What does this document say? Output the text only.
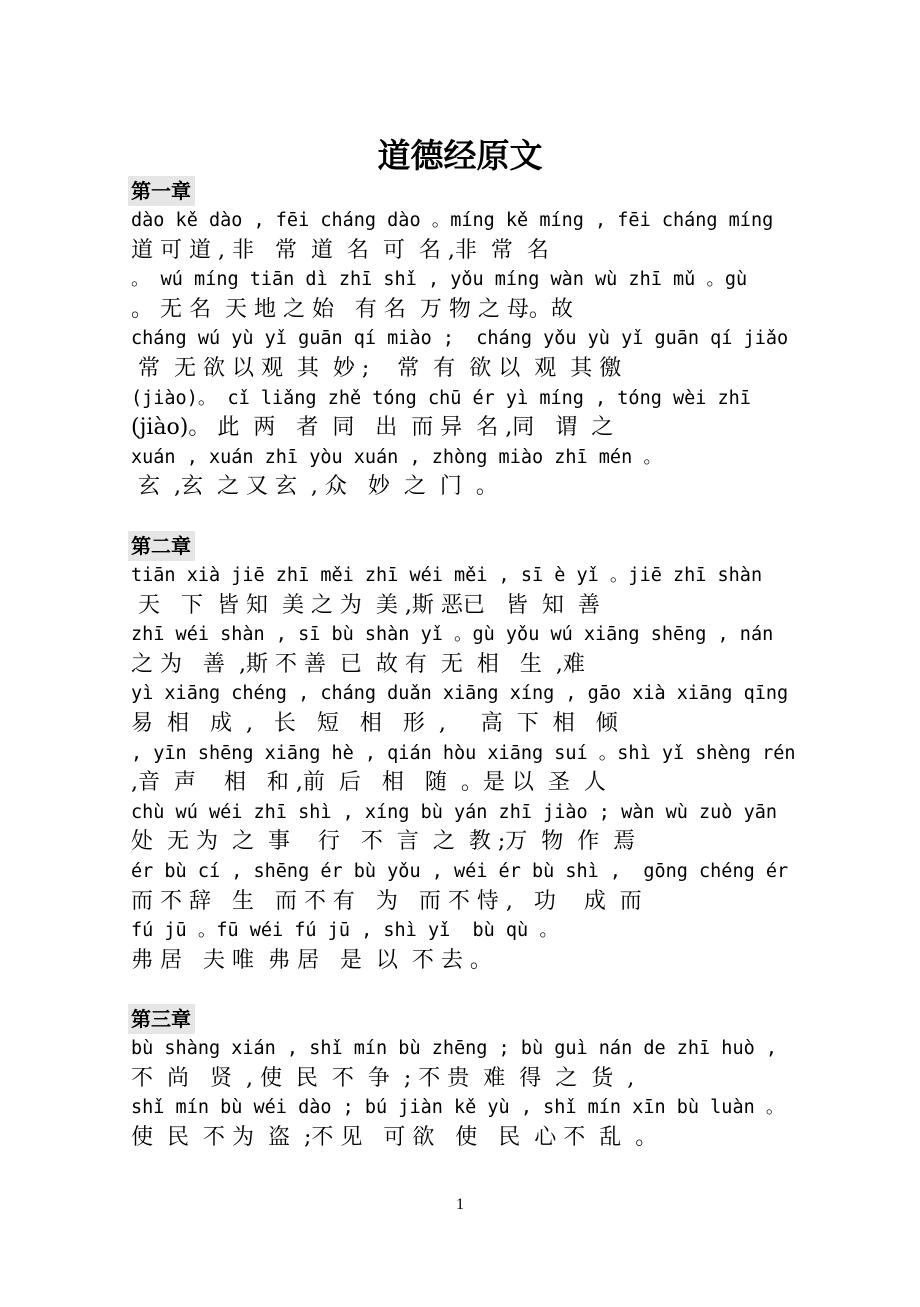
道德经原文
第一章
dào kě dào , fēi cháng dào 。míng kě míng , fēi cháng míng
道 可 道 , 非   常  道  名  可  名 ,非  常  名
。 wú míng tiān dì zhī shǐ , yǒu míng wàn wù zhī mǔ 。gù
。 无 名  天 地 之 始   有 名  万 物 之 母。故
cháng wú yù yǐ guān qí miào ;  cháng yǒu yù yǐ guān qí jiǎo
常  无 欲 以 观  其  妙 ;    常  有  欲 以  观  其 徼
(jiào)。 cǐ liǎng zhě tóng chū ér yì míng , tóng wèi zhī
(jiào)。 此  两   者  同   出  而 异  名 ,同   谓  之
xuán , xuán zhī yòu xuán , zhòng miào zhī mén 。
玄  ,玄  之 又 玄  , 众   妙  之  门  。
第二章
tiān xià jiē zhī měi zhī wéi měi , sī è yǐ 。jiē zhī shàn
天   下  皆 知  美 之 为  美 ,斯 恶已   皆  知  善
zhī wéi shàn , sī bù shàn yǐ 。gù yǒu wú xiāng shēng , nán
之 为   善  ,斯 不 善  已  故 有  无  相   生  ,难
yì xiāng chéng , cháng duǎn xiāng xíng , gāo xià xiāng qīng
易  相   成  ,   长   短   相   形  ,     高  下  相   倾
, yīn shēng xiāng hè , qián hòu xiāng suí 。shì yǐ shèng rén
,音  声    相   和 ,前  后   相   随  。是 以  圣  人
chù wú wéi zhī shì , xíng bù yán zhī jiào ; wàn wù zuò yān
处  无 为  之  事    行   不  言  之  教 ;万  物  作  焉
ér bù cí , shēng ér bù yǒu , wéi ér bù shì ,  gōng chéng ér
而 不 辞   生   而 不 有   为   而 不 恃 ,   功    成  而
fú jū 。fū wéi fú jū , shì yǐ  bù qù 。
弗 居   夫 唯  弗 居   是  以  不 去 。
第三章
bù shàng xián , shǐ mín bù zhēng ; bù guì nán de zhī huò ,
不  尚   贤  , 使  民  不  争  ; 不 贵  难  得  之  货  ,
shǐ mín bù wéi dào ; bú jiàn kě yù , shǐ mín xīn bù luàn 。
使  民  不 为  盗  ;不 见   可 欲   使   民  心 不  乱  。
1
